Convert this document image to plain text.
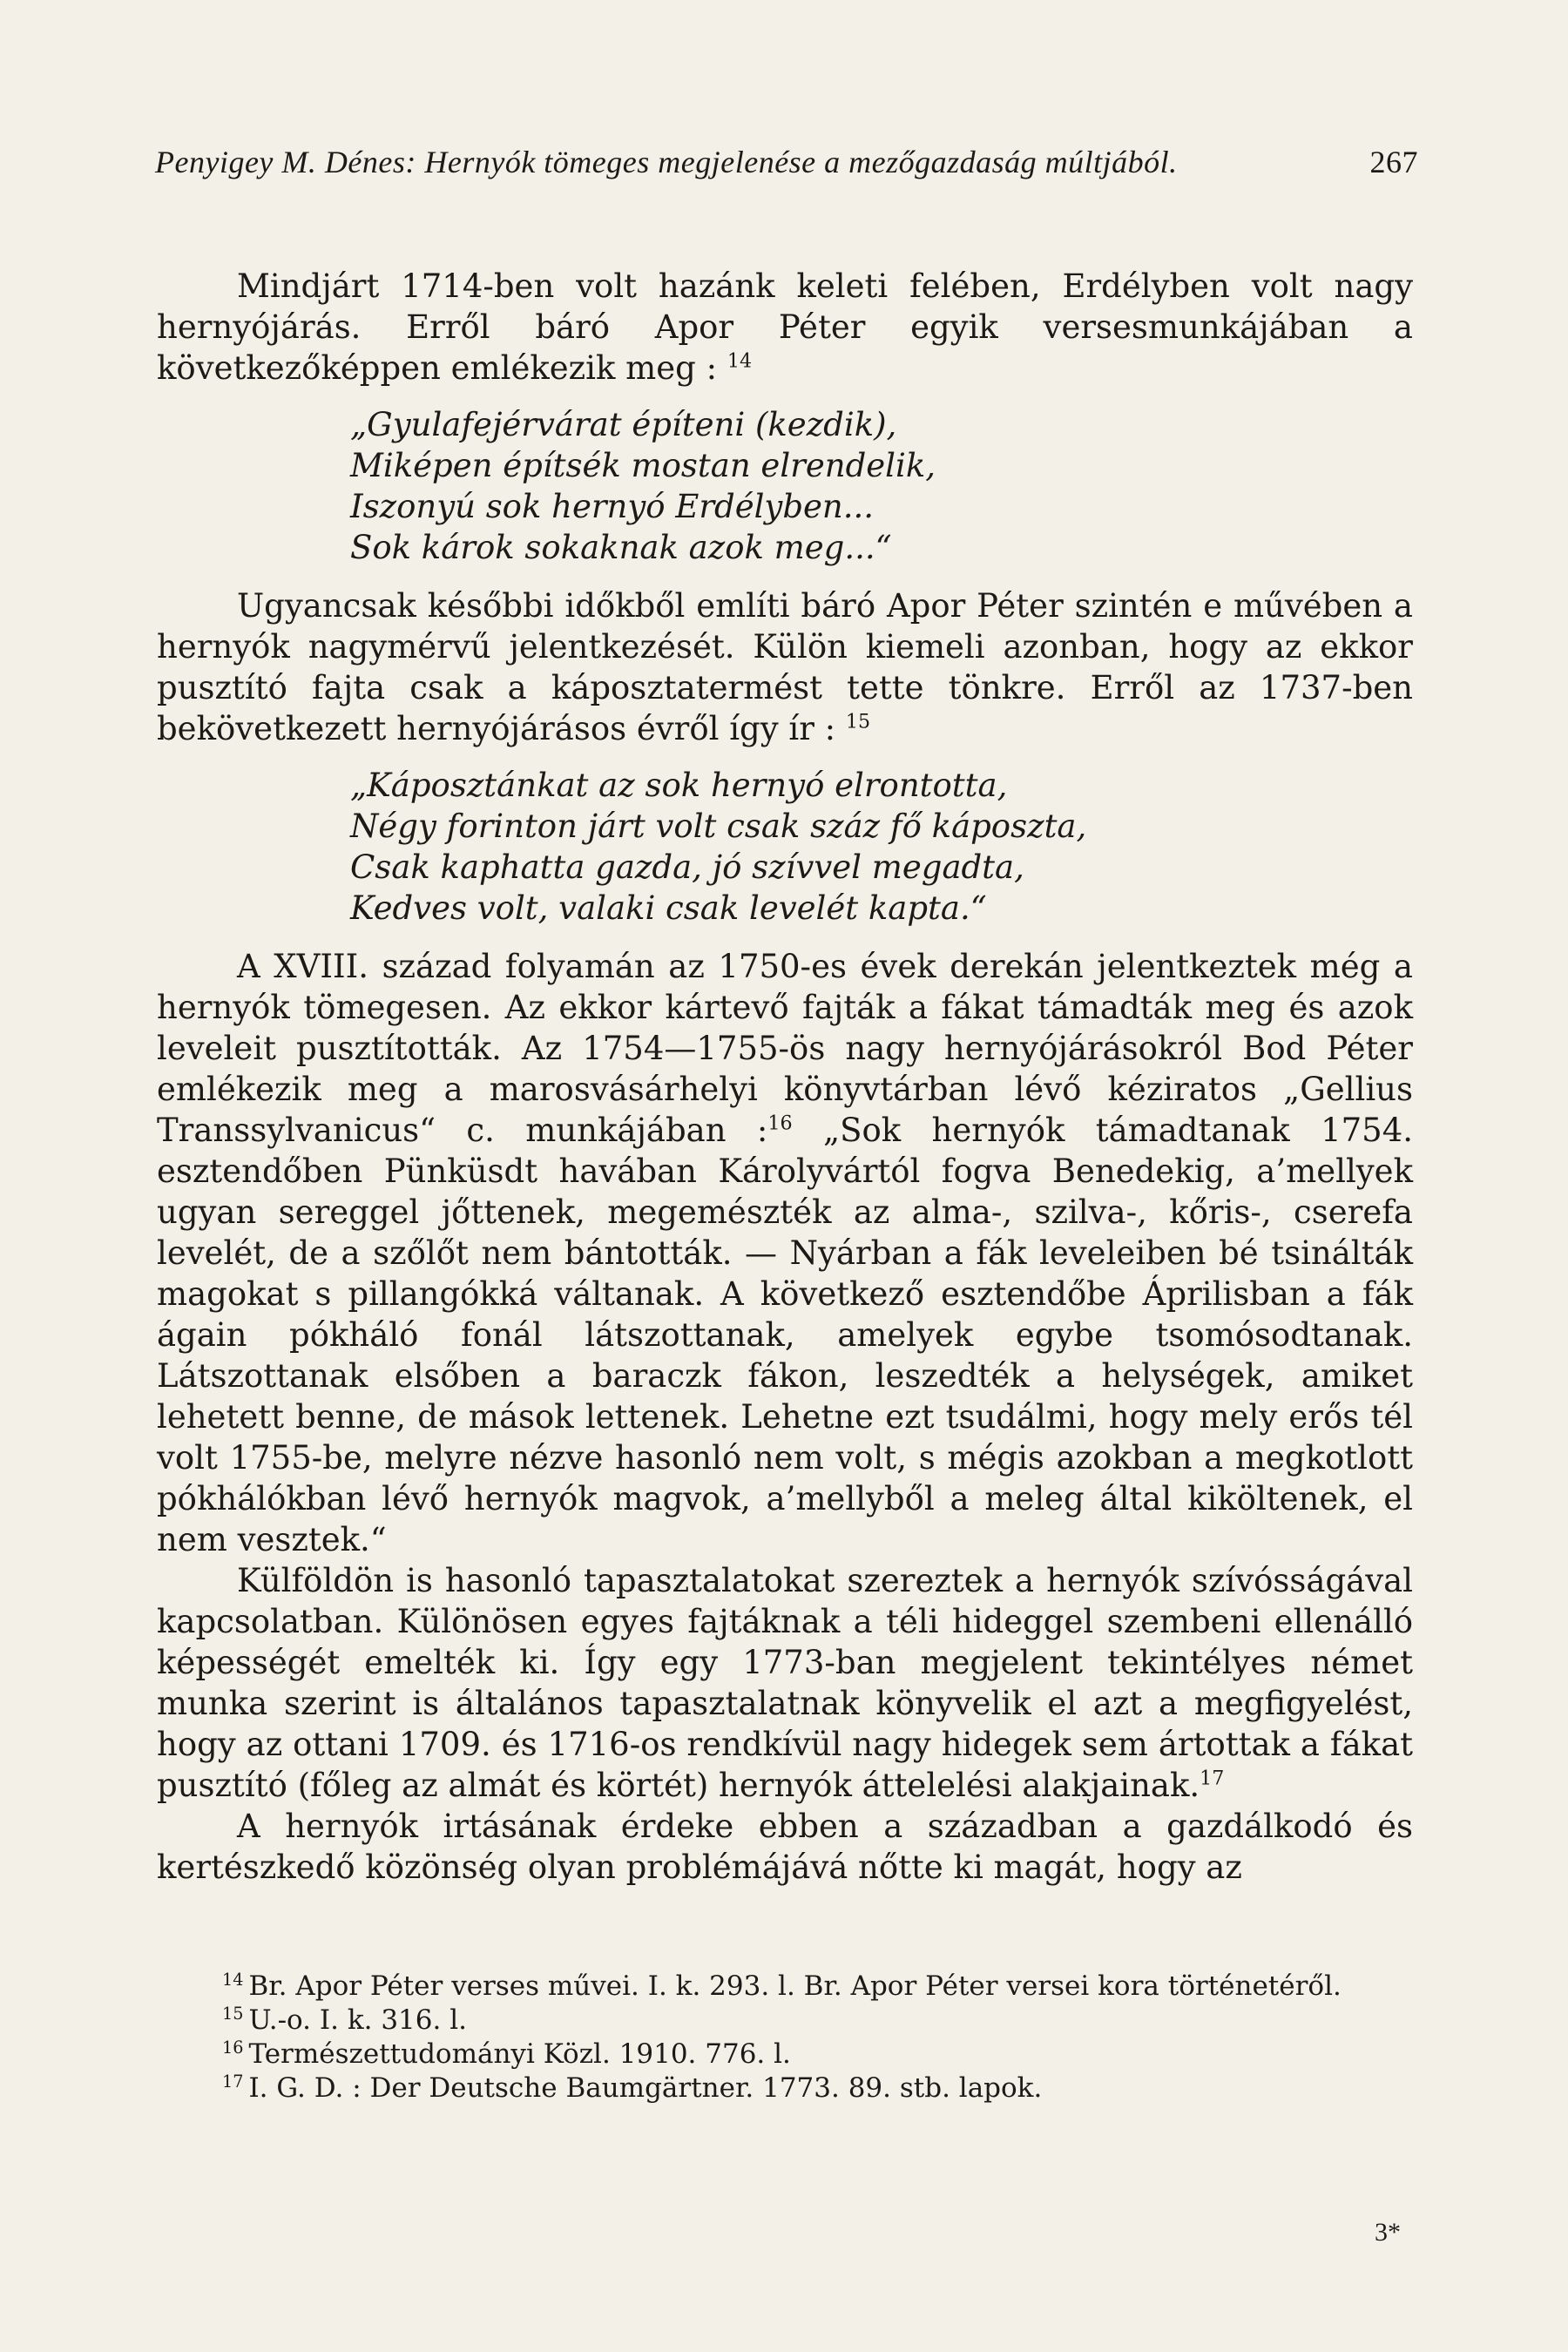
Penyigey M. Dénes: Hernyók tömeges megjelenése a mezőgazdaság múltjából.	267

Mindjárt 1714-ben volt hazánk keleti felében, Erdélyben volt nagy hernyójárás. Erről báró Apor Péter egyik versesmunkájában a következőképpen emlékezik meg : $^{14}$

„Gyulafejérvárat építeni (kezdik),
Miképen építsék mostan elrendelik,
Iszonyú sok hernyó Erdélyben...
Sok károk sokaknak azok meg...“

Ugyancsak későbbi időkből említi báró Apor Péter szintén e művében a hernyók nagymérvű jelentkezését. Külön kiemeli azonban, hogy az ekkor pusztító fajta csak a káposztatermést tette tönkre. Erről az 1737-ben bekövetkezett hernyójárásos évről így ír : $^{15}$

„Káposztánkat az sok hernyó elrontotta,
Négy forinton járt volt csak száz fő káposzta,
Csak kaphatta gazda, jó szívvel megadta,
Kedves volt, valaki csak levelét kapta.“

A XVIII. század folyamán az 1750-es évek derekán jelentkeztek még a hernyók tömegesen. Az ekkor kártevő fajták a fákat támadták meg és azok leveleit pusztították. Az 1754—1755-ös nagy hernyójárásokról Bod Péter emlékezik meg a marosvásárhelyi könyvtárban lévő kéziratos „Gellius Transsylvanicus“ c. munkájában :$^{16}$ „Sok hernyók támadtanak 1754. esztendőben Pünküsdt havában Károlyvártól fogva Benedekig, a’mellyek ugyan sereggel jőttenek, megemészték az alma-, szilva-, kőris-, cserefa levelét, de a szőlőt nem bántották. — Nyárban a fák leveleiben bé tsinálták magokat s pillangókká váltanak. A következő esztendőbe Áprilisban a fák ágain pókháló fonál látszottanak, amelyek egybe tsomósodtanak. Látszottanak elsőben a baraczk fákon, leszedték a helységek, amiket lehetett benne, de mások lettenek. Lehetne ezt tsudálmi, hogy mely erős tél volt 1755-be, melyre nézve hasonló nem volt, s mégis azokban a megkotlott pókhálókban lévő hernyók magvok, a’mellyből a meleg által kiköltenek, el nem vesztek.“

Külföldön is hasonló tapasztalatokat szereztek a hernyók szívósságával kapcsolatban. Különösen egyes fajtáknak a téli hideggel szembeni ellenálló képességét emelték ki. Így egy 1773-ban megjelent tekintélyes német munka szerint is általános tapasztalatnak könyvelik el azt a megfigyelést, hogy az ottani 1709. és 1716-os rendkívül nagy hidegek sem ártottak a fákat pusztító (főleg az almát és körtét) hernyók áttelelési alakjainak.$^{17}$

A hernyók irtásának érdeke ebben a században a gazdálkodó és kertészkedő közönség olyan problémájává nőtte ki magát, hogy az

$^{14}$ Br. Apor Péter verses művei. I. k. 293. l. Br. Apor Péter versei kora történetéről.

$^{15}$ U.-o. I. k. 316. l.

$^{16}$ Természettudományi Közl. 1910. 776. l.

$^{17}$ I. G. D. : Der Deutsche Baumgärtner. 1773. 89. stb. lapok.

3*
